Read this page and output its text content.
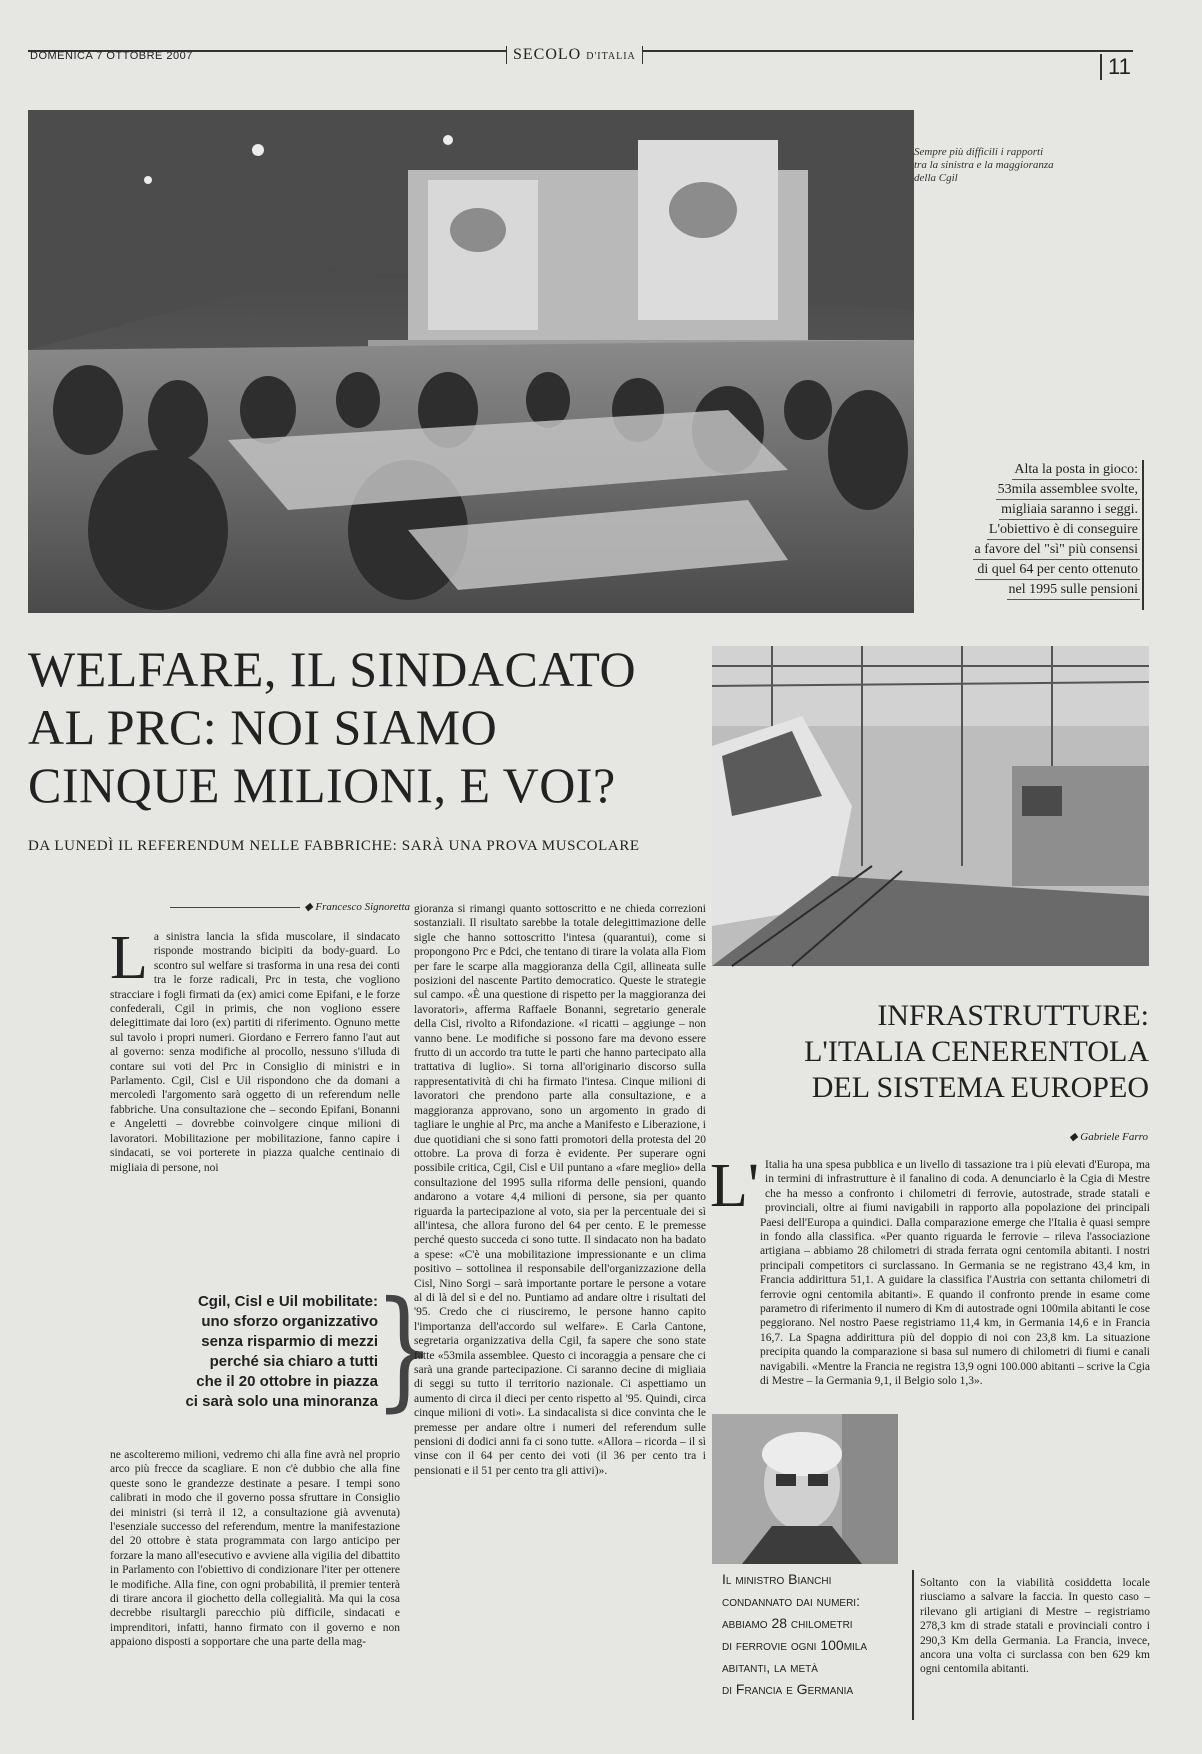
DOMENICA 7 OTTOBRE 2007	SECOLO D'ITALIA	11
Sempre più difficili i rapporti tra la sinistra e la maggioranza della Cgil
Alta la posta in gioco:
53mila assemblee svolte,
migliaia saranno i seggi.
L'obiettivo è di conseguire
a favore del "sì" più consensi
di quel 64 per cento ottenuto
nel 1995 sulle pensioni
WELFARE, IL SINDACATO
AL PRC: NOI SIAMO
CINQUE MILIONI, E VOI?
DA LUNEDÌ IL REFERENDUM NELLE FABBRICHE: SARÀ UNA PROVA MUSCOLARE
◆ Francesco Signoretta
L a sinistra lancia la sfida muscolare, il sindacato risponde mostrando bicipiti da body-guard. Lo scontro sul welfare si trasforma in una resa dei conti tra le forze radicali, Prc in testa, che vogliono stracciare i fogli firmati da (ex) amici come Epifani, e le forze confederali, Cgil in primis, che non vogliono essere delegittimate dai loro (ex) partiti di riferimento. Ognuno mette sul tavolo i propri numeri. Giordano e Ferrero fanno l'aut aut al governo: senza modifiche al procollo, nessuno s'illuda di contare sui voti del Prc in Consiglio di ministri e in Parlamento. Cgil, Cisl e Uil rispondono che da domani a mercoledì l'argomento sarà oggetto di un referendum nelle fabbriche. Una consultazione che – secondo Epifani, Bonanni e Angeletti – dovrebbe coinvolgere cinque milioni di lavoratori. Mobilitazione per mobilitazione, fanno capire i sindacati, se voi porterete in piazza qualche centinaio di migliaia di persone, noi
Cgil, Cisl e Uil mobilitate:
uno sforzo organizzativo
senza risparmio di mezzi
perché sia chiaro a tutti
che il 20 ottobre in piazza
ci sarà solo una minoranza
}
ne ascolteremo milioni, vedremo chi alla fine avrà nel proprio arco più frecce da scagliare. E non c'è dubbio che alla fine queste sono le grandezze destinate a pesare. I tempi sono calibrati in modo che il governo possa sfruttare in Consiglio dei ministri (si terrà il 12, a consultazione già avvenuta) l'esenziale successo del referendum, mentre la manifestazione del 20 ottobre è stata programmata con largo anticipo per forzare la mano all'esecutivo e avviene alla vigilia del dibattito in Parlamento con l'obiettivo di condizionare l'iter per ottenere le modifiche. Alla fine, con ogni probabilità, il premier tenterà di tirare ancora il giochetto della collegialità. Ma qui la cosa decrebbe risultargli parecchio più difficile, sindacati e imprenditori, infatti, hanno firmato con il governo e non appaiono disposti a sopportare che una parte della mag-
gioranza si rimangi quanto sottoscritto e ne chieda correzioni sostanziali. Il risultato sarebbe la totale delegittimazione delle sigle che hanno sottoscritto l'intesa (quarantui), come si propongono Prc e Pdci, che tentano di tirare la volata alla Fiom per fare le scarpe alla maggioranza della Cgil, allineata sulle posizioni del nascente Partito democratico. Queste le strategie sul campo. «È una questione di rispetto per la maggioranza dei lavoratori», afferma Raffaele Bonanni, segretario generale della Cisl, rivolto a Rifondazione. «I ricatti – aggiunge – non vanno bene. Le modifiche si possono fare ma devono essere frutto di un accordo tra tutte le parti che hanno partecipato alla trattativa di luglio». Si torna all'originario discorso sulla rappresentatività di chi ha firmato l'intesa. Cinque milioni di lavoratori che prendono parte alla consultazione, e a maggioranza approvano, sono un argomento in grado di tagliare le unghie al Prc, ma anche a Manifesto e Liberazione, i due quotidiani che si sono fatti promotori della protesta del 20 ottobre. La prova di forza è evidente. Per superare ogni possibile critica, Cgil, Cisl e Uil puntano a «fare meglio» della consultazione del 1995 sulla riforma delle pensioni, quando andarono a votare 4,4 milioni di persone, sia per quanto riguarda la partecipazione al voto, sia per la percentuale dei sì all'intesa, che allora furono del 64 per cento. E le premesse perché questo succeda ci sono tutte. Il sindacato non ha badato a spese: «C'è una mobilitazione impressionante e un clima positivo – sottolinea il responsabile dell'organizzazione della Cisl, Nino Sorgi – sarà importante portare le persone a votare al di là del sì e del no. Puntiamo ad andare oltre i risultati del '95. Credo che ci riusciremo, le persone hanno capito l'importanza dell'accordo sul welfare». E Carla Cantone, segretaria organizzativa della Cgil, fa sapere che sono state fatte «53mila assemblee. Questo ci incoraggia a pensare che ci sarà una grande partecipazione. Ci saranno decine di migliaia di seggi su tutto il territorio nazionale. Ci aspettiamo un aumento di circa il dieci per cento rispetto al '95. Quindi, circa cinque milioni di voti». La sindacalista si dice convinta che le premesse per andare oltre i numeri del referendum sulle pensioni di dodici anni fa ci sono tutte. «Allora – ricorda – il sì vinse con il 64 per cento dei voti (il 36 per cento tra i pensionati e il 51 per cento tra gli attivi)».
INFRASTRUTTURE:
L'ITALIA CENERENTOLA
DEL SISTEMA EUROPEO
◆ Gabriele Farro
L' Italia ha una spesa pubblica e un livello di tassazione tra i più elevati d'Europa, ma in termini di infrastrutture è il fanalino di coda. A denunciarlo è la Cgia di Mestre che ha messo a confronto i chilometri di ferrovie, autostrade, strade statali e provinciali, oltre ai fiumi navigabili in rapporto alla popolazione dei principali Paesi dell'Europa a quindici. Dalla comparazione emerge che l'Italia è quasi sempre in fondo alla classifica. «Per quanto riguarda le ferrovie – rileva l'associazione artigiana – abbiamo 28 chilometri di strada ferrata ogni centomila abitanti. I nostri principali competitors ci surclassano. In Germania se ne registrano 43,4 km, in Francia addirittura 51,1. A guidare la classifica l'Austria con settanta chilometri di ferrovie ogni centomila abitanti». E quando il confronto prende in esame come parametro di riferimento il numero di Km di autostrade ogni 100mila abitanti le cose peggiorano. Nel nostro Paese registriamo 11,4 km, in Germania 14,6 e in Francia 16,7. La Spagna addirittura più del doppio di noi con 23,8 km. La situazione precipita quando la comparazione si basa sul numero di chilometri di fiumi e canali navigabili. «Mentre la Francia ne registra 13,9 ogni 100.000 abitanti – scrive la Cgia di Mestre – la Germania 9,1, il Belgio solo 1,3».
Il ministro Bianchi
condannato dai numeri:
abbiamo 28 chilometri
di ferrovie ogni 100mila
abitanti, la metà
di Francia e Germania
Soltanto con la viabilità cosiddetta locale riusciamo a salvare la faccia. In questo caso – rilevano gli artigiani di Mestre – registriamo 278,3 km di strade statali e provinciali contro i 290,3 Km della Germania. La Francia, invece, ancora una volta ci surclassa con ben 629 km ogni centomila abitanti.
